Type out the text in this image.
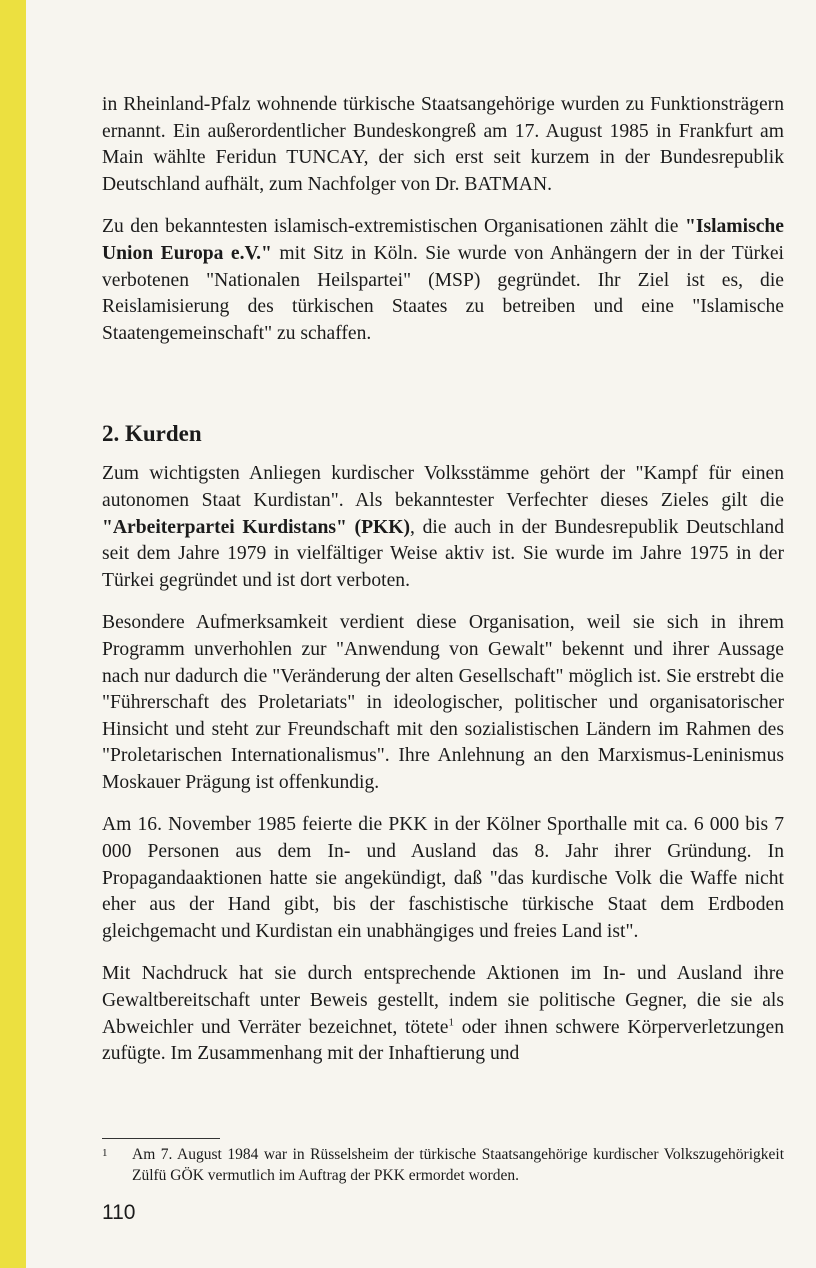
in Rheinland-Pfalz wohnende türkische Staatsangehörige wurden zu Funktionsträgern ernannt. Ein außerordentlicher Bundeskongreß am 17. August 1985 in Frankfurt am Main wählte Feridun TUNCAY, der sich erst seit kurzem in der Bundesrepublik Deutschland aufhält, zum Nachfolger von Dr. BATMAN.

Zu den bekanntesten islamisch-extremistischen Organisationen zählt die "Islamische Union Europa e.V." mit Sitz in Köln. Sie wurde von Anhängern der in der Türkei verbotenen "Nationalen Heilspartei" (MSP) gegründet. Ihr Ziel ist es, die Reislamisierung des türkischen Staates zu betreiben und eine "Islamische Staatengemeinschaft" zu schaffen.

2. Kurden

Zum wichtigsten Anliegen kurdischer Volksstämme gehört der "Kampf für einen autonomen Staat Kurdistan". Als bekanntester Verfechter dieses Zieles gilt die "Arbeiterpartei Kurdistans" (PKK), die auch in der Bundesrepublik Deutschland seit dem Jahre 1979 in vielfältiger Weise aktiv ist. Sie wurde im Jahre 1975 in der Türkei gegründet und ist dort verboten.

Besondere Aufmerksamkeit verdient diese Organisation, weil sie sich in ihrem Programm unverhohlen zur "Anwendung von Gewalt" bekennt und ihrer Aussage nach nur dadurch die "Veränderung der alten Gesellschaft" möglich ist. Sie erstrebt die "Führerschaft des Proletariats" in ideologischer, politischer und organisatorischer Hinsicht und steht zur Freundschaft mit den sozialistischen Ländern im Rahmen des "Proletarischen Internationalismus". Ihre Anlehnung an den Marxismus-Leninismus Moskauer Prägung ist offenkundig.

Am 16. November 1985 feierte die PKK in der Kölner Sporthalle mit ca. 6 000 bis 7 000 Personen aus dem In- und Ausland das 8. Jahr ihrer Gründung. In Propagandaaktionen hatte sie angekündigt, daß "das kurdische Volk die Waffe nicht eher aus der Hand gibt, bis der faschistische türkische Staat dem Erdboden gleichgemacht und Kurdistan ein unabhängiges und freies Land ist".

Mit Nachdruck hat sie durch entsprechende Aktionen im In- und Ausland ihre Gewaltbereitschaft unter Beweis gestellt, indem sie politische Gegner, die sie als Abweichler und Verräter bezeichnet, tötete$^1$ oder ihnen schwere Körperverletzungen zufügte. Im Zusammenhang mit der Inhaftierung und

1	Am 7. August 1984 war in Rüsselsheim der türkische Staatsangehörige kurdischer Volkszugehörigkeit Zülfü GÖK vermutlich im Auftrag der PKK ermordet worden.
110
